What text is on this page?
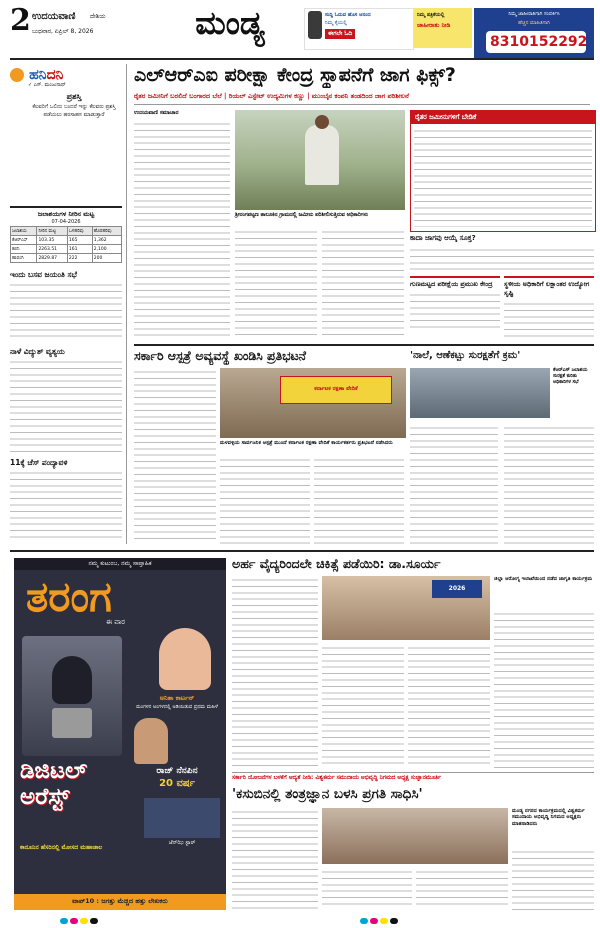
2 ಉದಯವಾಣಿ ದೇಶಿಯ
ಬುಧವಾರ, ಏಪ್ರಿಲ್ 8, 2026	ಮಂಡ್ಯ	ಸುದ್ದಿ ಓದುವ ಹೊಸ ಆನಂದ
ನಿಮ್ಮ ಕೈಯಲ್ಲಿ
ಈಗಲೇ ಓದಿ
ನಿಮ್ಮ ಪತ್ರಿಕೆಯಲ್ಲಿ
ಜಾಹೀರಾತು ನೀಡಿ
ನಿಮ್ಮ ಜಾಹೀರಾತಿಗಾಗಿ ಸಂಪರ್ಕಿಸಿ
ಹೆಚ್ಚಿನ ಮಾಹಿತಿಗಾಗಿ
8310152292
ಹನಿದನಿ
✓ ಎಸ್. ಮಂಜುನಾಥ್
ಪ್ರಶಸ್ತಿ
ಕೆಲವರಿಗೆ ಒಲಿದು ಬಂದರೆ ಇನ್ನು ಕೆಲವರು ಪ್ರಶಸ್ತಿ ಪಡೆಯಲು ಹರಸಾಹಸ ಮಾಡುತ್ತಾರೆ
ಜಲಾಶಯಗಳ ನೀರಿನ ಮಟ್ಟ
07-04-2026
ಜಲಾಶಯ	ನೀರಿನ ಮಟ್ಟ	ಒಳಹರಿವು	ಹೊರಹರಿವು
ಕೆಆರ್‌ಎಸ್	103.35	165	1,362
ಕಬಿನಿ	2263.51	161	2,100
ಹಾರಂಗಿ	2829.87	222	200
ಇಂದು ಬಸವ ಜಯಂತಿ ಸಭೆ
ನಾಳೆ ವಿದ್ಯುತ್‌ ವ್ಯತ್ಯಯ
11ಕ್ಕೆ ಚೆಸ್‌ ಪಂದ್ಯಾವಳಿ
ಎಲ್‌ಆರ್‌ಎಐ ಪರೀಕ್ಷಾ ಕೇಂದ್ರ ಸ್ಥಾಪನೆಗೆ ಜಾಗ ಫಿಕ್ಸ್‌?
ರೈತರ ಜಮೀನಿಗೆ ಬರಲಿದೆ ಬಂಗಾರದ ಬೆಲೆ | ರಿಯಲ್‌ ಎಸ್ಟೇಟ್‌ ಉದ್ಯಮಿಗಳ ಕಣ್ಣು | ಮುಂಬೈನ ಕಂಪನಿ ತಂಡದಿಂದ ಜಾಗ ಪರಿಶೀಲನೆ
ಉದಯವಾಣಿ ಸಮಾಚಾರ
ಶ್ರೀರಂಗಪಟ್ಟಣ ತಾಲೂಕಿನ ಗ್ರಾಮದಲ್ಲಿ ಜಮೀನು ಪರಿಶೀಲಿಸುತ್ತಿರುವ ಅಧಿಕಾರಿಗಳು
ರೈತರ ಜಮೀನುಗಳಿಗೆ ಬೇಡಿಕೆ
ಕಾದಾ ಜಾಗವು ಆಯ್ಕೆ ಸೂಕ್ತ?
ಗುಣಮಟ್ಟದ ಪರೀಕ್ಷೆಯ ಪ್ರಮುಖ ಕೇಂದ್ರ	ಸ್ಥಳೀಯ ಅಧಿಕಾರಿಗೆ ಲಕ್ಷಾಂತರ ಉದ್ಯೋಗ ಸೃಷ್ಟಿ
ಸರ್ಕಾರಿ ಆಸ್ಪತ್ರೆ ಅವ್ಯವಸ್ಥೆ ಖಂಡಿಸಿ ಪ್ರತಿಭಟನೆ
ಕರ್ನಾಟಕ ರಕ್ಷಣಾ ವೇದಿಕೆ
ಮಳವಳ್ಳಿಯ ಸಾರ್ವಜನಿಕ ಆಸ್ಪತ್ರೆ ಮುಂದೆ ಕರ್ನಾಟಕ ರಕ್ಷಣಾ ವೇದಿಕೆ ಕಾರ್ಯಕರ್ತರು ಪ್ರತಿಭಟನೆ ನಡೆಸಿದರು
'ನಾಲೆ, ಆಣೆಕಟ್ಟು ಸುರಕ್ಷತೆಗೆ ಕ್ರಮ'
ಕೆಆರ್‌ಎಸ್‌ ಜಲಾಶಯ ಸುರಕ್ಷತೆ ಕುರಿತು ಅಧಿಕಾರಿಗಳ ಸಭೆ
ನಮ್ಮ ಕುಟುಂಬ, ನಮ್ಮ ಸಾಪ್ತಾಹಿಕ
ತರಂಗ
ಈ ವಾರ
ಅನಿತಾ ಕಾರ್ಟನ್
ಮಂಗಳನ ಅಂಗಳದಲ್ಲಿ ಅಡಿಯಿಡುವ ಪ್ರಥಮ ಮಹಿಳೆ
ರಾಜ್ ನೆನಪಿನ
20 ವರ್ಷ
ಡಿಜಿಟಲ್ ಅರೆಸ್ಟ್
ಕಾನೂನಿನ ಹೆಸರಿನಲ್ಲಿ ಮೋಸದ ಮಹಾಜಾಲ
ಜೆನ್‌ಝಿ ಸ್ಟಾರ್‌
ಟಾಪ್‌10 : ಜಗತ್ತು ಮೆಚ್ಚಿದ ಹತ್ತು ಲೇಖಕರು
ಅರ್ಹ ವೈದ್ಯರಿಂದಲೇ ಚಿಕಿತ್ಸೆ ಪಡೆಯಿರಿ: ಡಾ.ಸೂರ್ಯ
2026
ಜಿಲ್ಲಾ ಆರೋಗ್ಯ ಇಲಾಖೆಯಿಂದ ನಡೆದ ಜಾಗೃತಿ ಕಾರ್ಯಕ್ರಮ
ಸರ್ಕಾರಿ ಯೋಜನೆಗಳ ಬಳಕೆಗೆ ಆದ್ಯತೆ ನೀಡಿ: ವಿಶ್ವಕರ್ಮ ಸಮುದಾಯ ಅಭಿವೃದ್ಧಿ ನಿಗಮದ ಅಧ್ಯಕ್ಷ ಸುಜ್ಞಾನಮೂರ್ತಿ
'ಕಸುಬಿನಲ್ಲಿ ತಂತ್ರಜ್ಞಾನ ಬಳಸಿ ಪ್ರಗತಿ ಸಾಧಿಸಿ'
ಮಂಡ್ಯ ನಗರದ ಕಾರ್ಯಕ್ರಮದಲ್ಲಿ ವಿಶ್ವಕರ್ಮ ಸಮುದಾಯ ಅಭಿವೃದ್ಧಿ ನಿಗಮದ ಅಧ್ಯಕ್ಷರು ಮಾತನಾಡಿದರು
